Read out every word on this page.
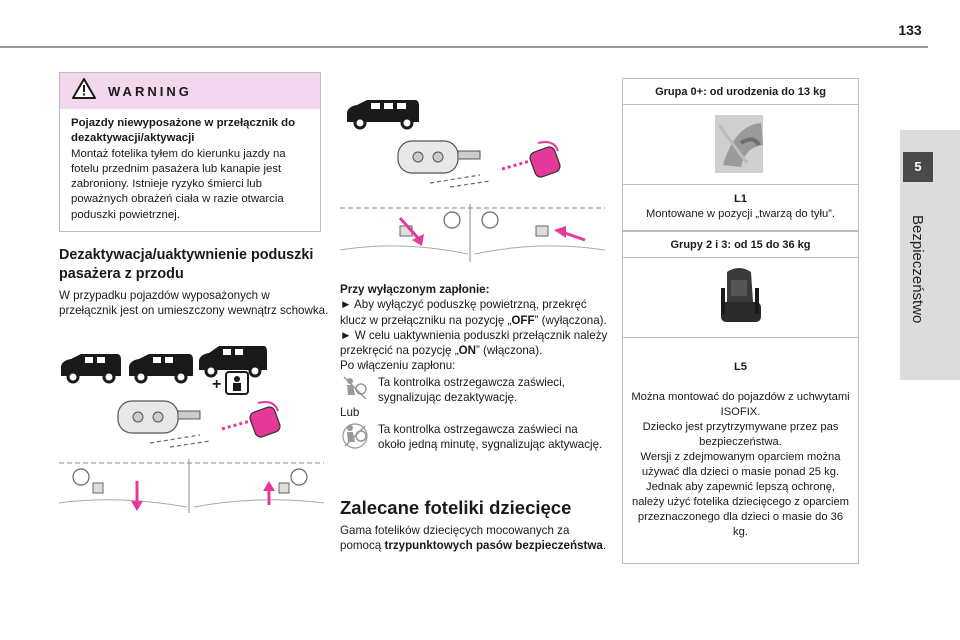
133
5
Bezpieczeństwo
WARNING
Pojazdy niewyposażone w przełącznik do dezaktywacji/aktywacji
Montaż fotelika tyłem do kierunku jazdy na fotelu przednim pasażera lub kanapie jest zabroniony. Istnieje ryzyko śmierci lub poważnych obrażeń ciała w razie otwarcia poduszki powietrznej.
Dezaktywacja/uaktywnienie poduszki pasażera z przodu
W przypadku pojazdów wyposażonych w przełącznik jest on umieszczony wewnątrz schowka.
+
Przy wyłączonym zapłonie:
► Aby wyłączyć poduszkę powietrzną, przekręć klucz w przełączniku na pozycję „OFF” (wyłączona).
► W celu uaktywnienia poduszki przełącznik należy przekręcić na pozycję „ON” (włączona).
Po włączeniu zapłonu:
Ta kontrolka ostrzegawcza zaświeci, sygnalizując dezaktywację.
Lub
Ta kontrolka ostrzegawcza zaświeci na około jedną minutę, sygnalizując aktywację.
Zalecane foteliki dziecięce
Gama fotelików dziecięcych mocowanych za pomocą trzypunktowych pasów bezpieczeństwa.
Grupa 0+: od urodzenia do 13 kg
L1
Montowane w pozycji „twarzą do tyłu”.
Grupy 2 i 3: od 15 do 36 kg

L5

Można montować do pojazdów z uchwytami ISOFIX.
Dziecko jest przytrzymywane przez pas bezpieczeństwa.
Wersji z zdejmowanym oparciem można używać dla dzieci o masie ponad 25 kg. Jednak aby zapewnić lepszą ochronę, należy użyć fotelika dziecięcego z oparciem przeznaczonego dla dzieci o masie do 36 kg.
